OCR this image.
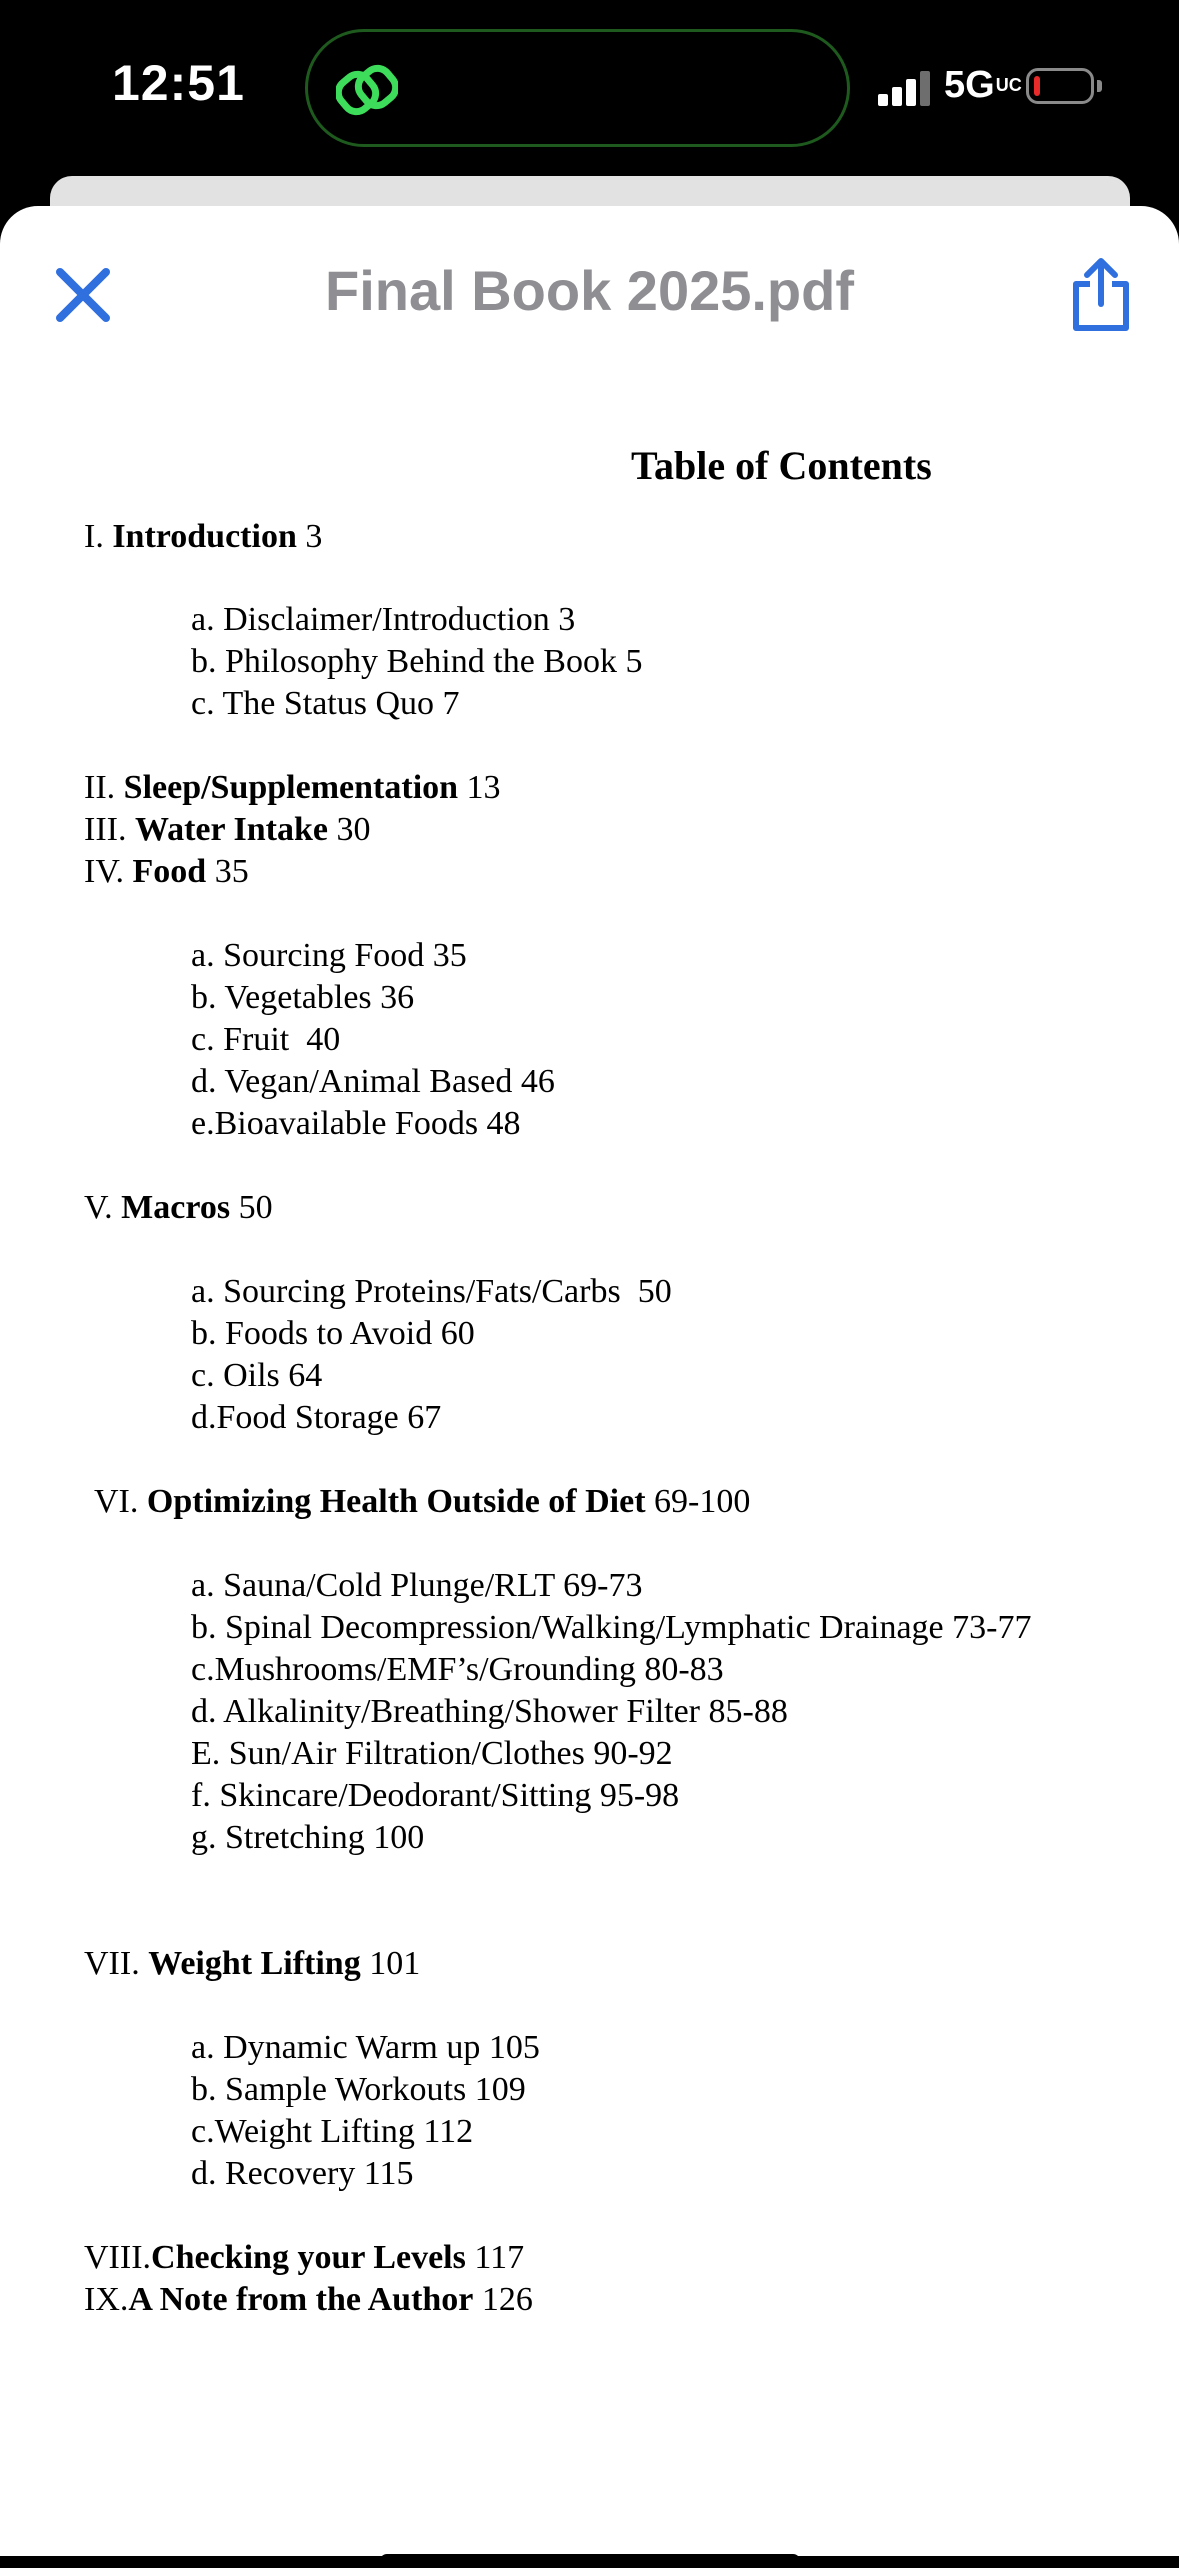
12:51	5GUC
Final Book 2025.pdf
Table of Contents
I. Introduction 3
a. Disclaimer/Introduction 3
b. Philosophy Behind the Book 5
c. The Status Quo 7
II. Sleep/Supplementation 13
III. Water Intake 30
IV. Food 35
a. Sourcing Food 35
b. Vegetables 36
c. Fruit  40
d. Vegan/Animal Based 46
e.Bioavailable Foods 48
V. Macros 50
a. Sourcing Proteins/Fats/Carbs  50
b. Foods to Avoid 60
c. Oils 64
d.Food Storage 67
VI. Optimizing Health Outside of Diet 69-100
a. Sauna/Cold Plunge/RLT 69-73
b. Spinal Decompression/Walking/Lymphatic Drainage 73-77
c.Mushrooms/EMF’s/Grounding 80-83
d. Alkalinity/Breathing/Shower Filter 85-88
E. Sun/Air Filtration/Clothes 90-92
f. Skincare/Deodorant/Sitting 95-98
g. Stretching 100
VII. Weight Lifting 101
a. Dynamic Warm up 105
b. Sample Workouts 109
c.Weight Lifting 112
d. Recovery 115
VIII.Checking your Levels 117
IX.A Note from the Author 126
